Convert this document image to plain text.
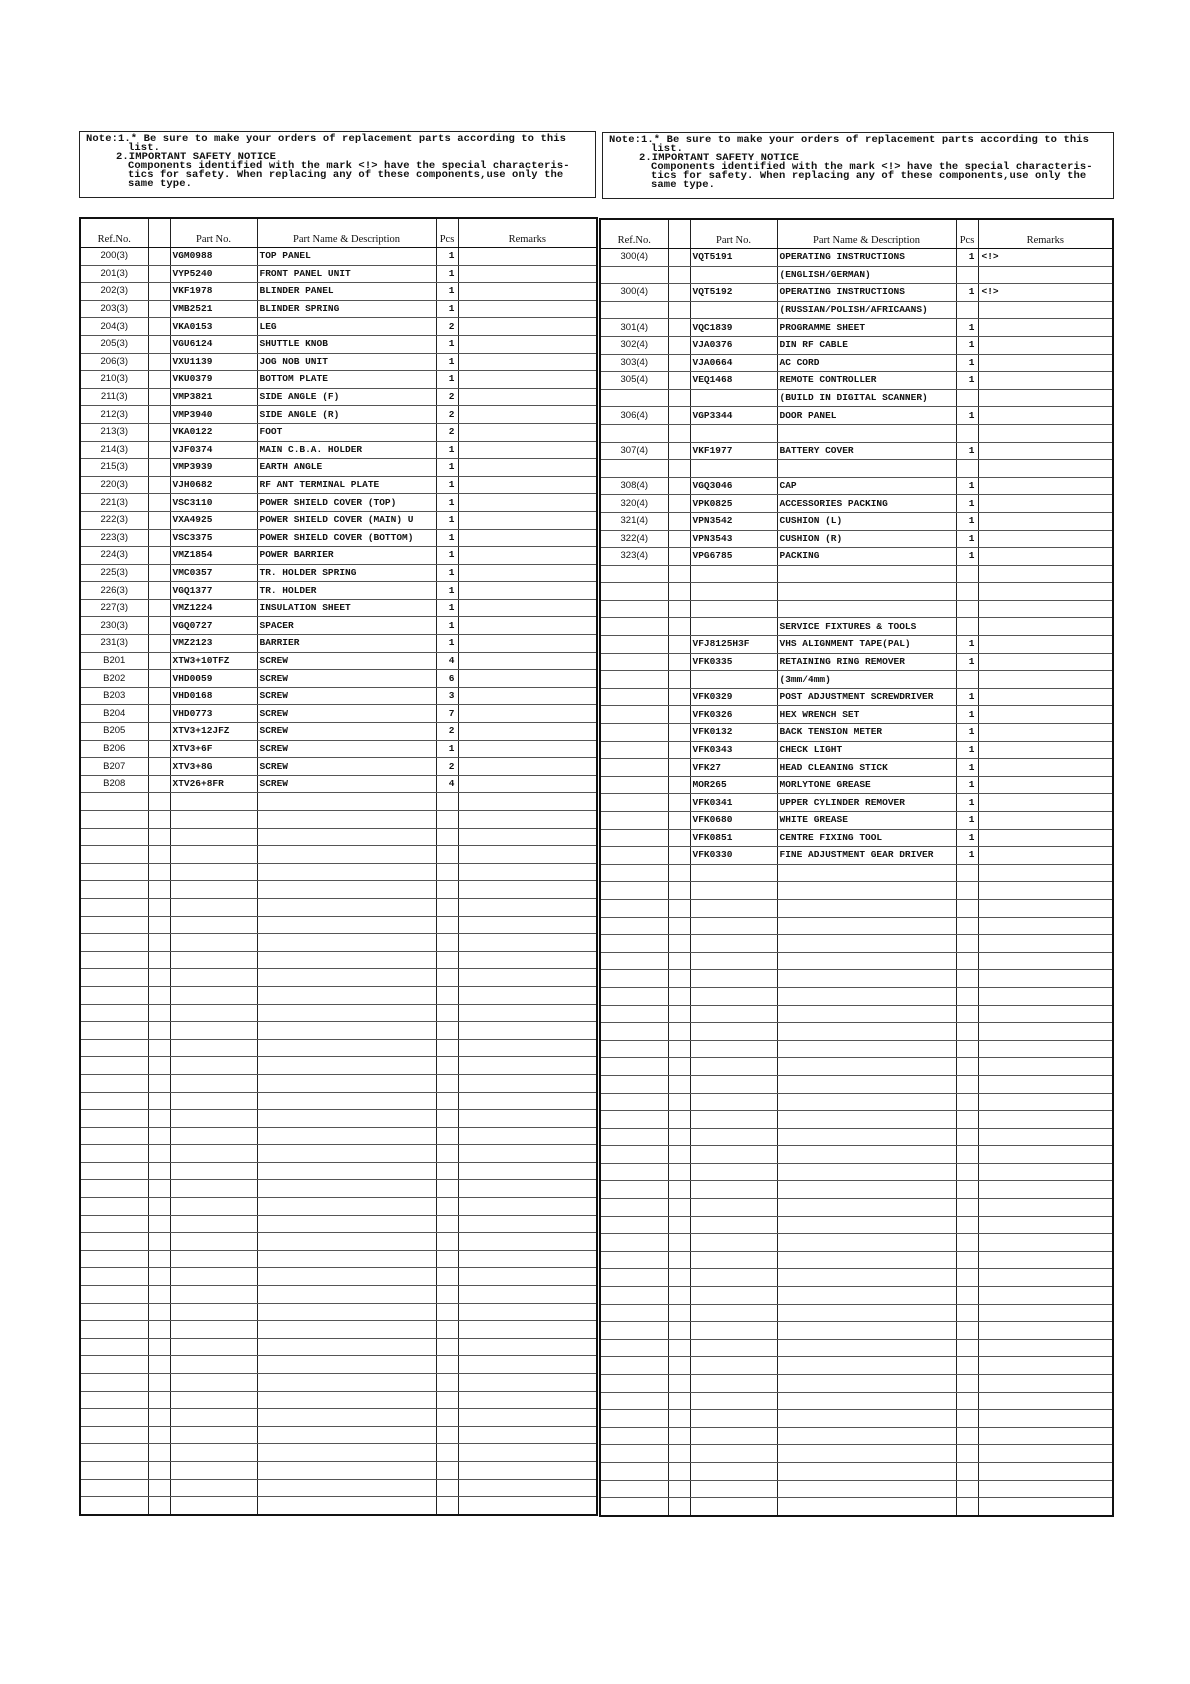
Note:1.* Be sure to make your orders of replacement parts according to this
list.
2.IMPORTANT SAFETY NOTICE
Components identified with the mark <!> have the special characteris-
tics for safety. When replacing any of these components,use only the
same type.
Note:1.* Be sure to make your orders of replacement parts according to this
list.
2.IMPORTANT SAFETY NOTICE
Components identified with the mark <!> have the special characteris-
tics for safety. When replacing any of these components,use only the
same type.
Ref.No.		Part No.	Part Name & Description	Pcs	Remarks
200(3)		VGM0988	TOP PANEL	1	
201(3)		VYP5240	FRONT PANEL UNIT	1	
202(3)		VKF1978	BLINDER PANEL	1	
203(3)		VMB2521	BLINDER SPRING	1	
204(3)		VKA0153	LEG	2	
205(3)		VGU6124	SHUTTLE KNOB	1	
206(3)		VXU1139	JOG NOB UNIT	1	
210(3)		VKU0379	BOTTOM PLATE	1	
211(3)		VMP3821	SIDE ANGLE (F)	2	
212(3)		VMP3940	SIDE ANGLE (R)	2	
213(3)		VKA0122	FOOT	2	
214(3)		VJF0374	MAIN C.B.A. HOLDER	1	
215(3)		VMP3939	EARTH ANGLE	1	
220(3)		VJH0682	RF ANT TERMINAL PLATE	1	
221(3)		VSC3110	POWER SHIELD COVER (TOP)	1	
222(3)		VXA4925	POWER SHIELD COVER (MAIN) U	1	
223(3)		VSC3375	POWER SHIELD COVER (BOTTOM)	1	
224(3)		VMZ1854	POWER BARRIER	1	
225(3)		VMC0357	TR. HOLDER SPRING	1	
226(3)		VGQ1377	TR. HOLDER	1	
227(3)		VMZ1224	INSULATION SHEET	1	
230(3)		VGQ0727	SPACER	1	
231(3)		VMZ2123	BARRIER	1	
B201		XTW3+10TFZ	SCREW	4	
B202		VHD0059	SCREW	6	
B203		VHD0168	SCREW	3	
B204		VHD0773	SCREW	7	
B205		XTV3+12JFZ	SCREW	2	
B206		XTV3+6F	SCREW	1	
B207		XTV3+8G	SCREW	2	
B208		XTV26+8FR	SCREW	4	

Ref.No.		Part No.	Part Name & Description	Pcs	Remarks
300(4)		VQT5191	OPERATING INSTRUCTIONS	1	<!>
			(ENGLISH/GERMAN)		
300(4)		VQT5192	OPERATING INSTRUCTIONS	1	<!>
			(RUSSIAN/POLISH/AFRICAANS)		
301(4)		VQC1839	PROGRAMME SHEET	1	
302(4)		VJA0376	DIN RF CABLE	1	
303(4)		VJA0664	AC CORD	1	
305(4)		VEQ1468	REMOTE CONTROLLER	1	
			(BUILD IN DIGITAL SCANNER)		
306(4)		VGP3344	DOOR PANEL	1	

307(4)		VKF1977	BATTERY COVER	1	

308(4)		VGQ3046	CAP	1	
320(4)		VPK0825	ACCESSORIES PACKING	1	
321(4)		VPN3542	CUSHION (L)	1	
322(4)		VPN3543	CUSHION (R)	1	
323(4)		VPG6785	PACKING	1	

			SERVICE FIXTURES & TOOLS		
		VFJ8125H3F	VHS ALIGNMENT TAPE(PAL)	1	
		VFK0335	RETAINING RING REMOVER	1	
			(3mm/4mm)		
		VFK0329	POST ADJUSTMENT SCREWDRIVER	1	
		VFK0326	HEX WRENCH SET	1	
		VFK0132	BACK TENSION METER	1	
		VFK0343	CHECK LIGHT	1	
		VFK27	HEAD CLEANING STICK	1	
		MOR265	MORLYTONE GREASE	1	
		VFK0341	UPPER CYLINDER REMOVER	1	
		VFK0680	WHITE GREASE	1	
		VFK0851	CENTRE FIXING TOOL	1	
		VFK0330	FINE ADJUSTMENT GEAR DRIVER	1	
